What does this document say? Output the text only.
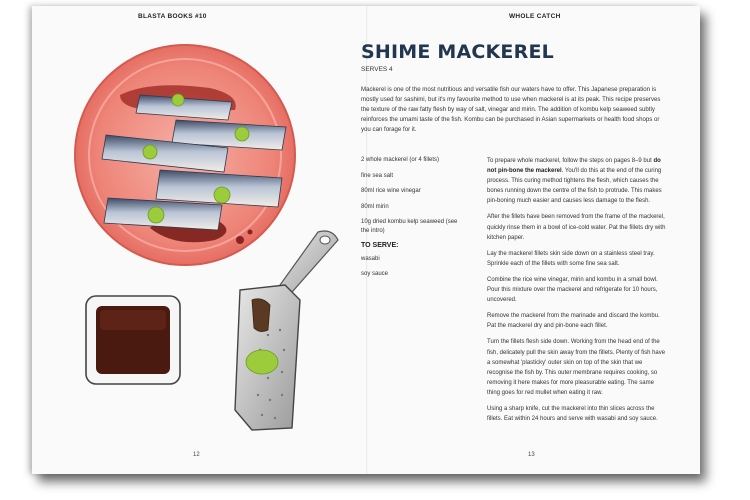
BLASTA BOOKS #10
12
WHOLE CATCH
SHIME MACKEREL
SERVES 4
Mackerel is one of the most nutritious and versatile fish our waters have to offer. This Japanese preparation is mostly used for sashimi, but it's my favourite method to use when mackerel is at its peak. This recipe preserves the texture of the raw fatty flesh by way of salt, vinegar and mirin. The addition of kombu kelp seaweed subtly reinforces the umami taste of the fish. Kombu can be purchased in Asian supermarkets or health food shops or you can forage for it.
2 whole mackerel (or 4 fillets)
fine sea salt
80ml rice wine vinegar
80ml mirin
10g dried kombu kelp seaweed (see the intro)
TO SERVE:
wasabi
soy sauce

To prepare whole mackerel, follow the steps on pages 8–9 but do not pin-bone the mackerel. You'll do this at the end of the curing process. This curing method tightens the flesh, which causes the bones running down the centre of the fish to protrude. This makes pin-boning much easier and causes less damage to the flesh.

After the fillets have been removed from the frame of the mackerel, quickly rinse them in a bowl of ice-cold water. Pat the fillets dry with kitchen paper.

Lay the mackerel fillets skin side down on a stainless steel tray. Sprinkle each of the fillets with some fine sea salt.

Combine the rice wine vinegar, mirin and kombu in a small bowl. Pour this mixture over the mackerel and refrigerate for 10 hours, uncovered.

Remove the mackerel from the marinade and discard the kombu. Pat the mackerel dry and pin-bone each fillet.

Turn the fillets flesh side down. Working from the head end of the fish, delicately pull the skin away from the fillets. Plenty of fish have a somewhat 'plasticky' outer skin on top of the skin that we recognise the fish by. This outer membrane requires cooking, so removing it here makes for more pleasurable eating. The same thing goes for red mullet when eating it raw.

Using a sharp knife, cut the mackerel into thin slices across the fillets. Eat within 24 hours and serve with wasabi and soy sauce.

13
